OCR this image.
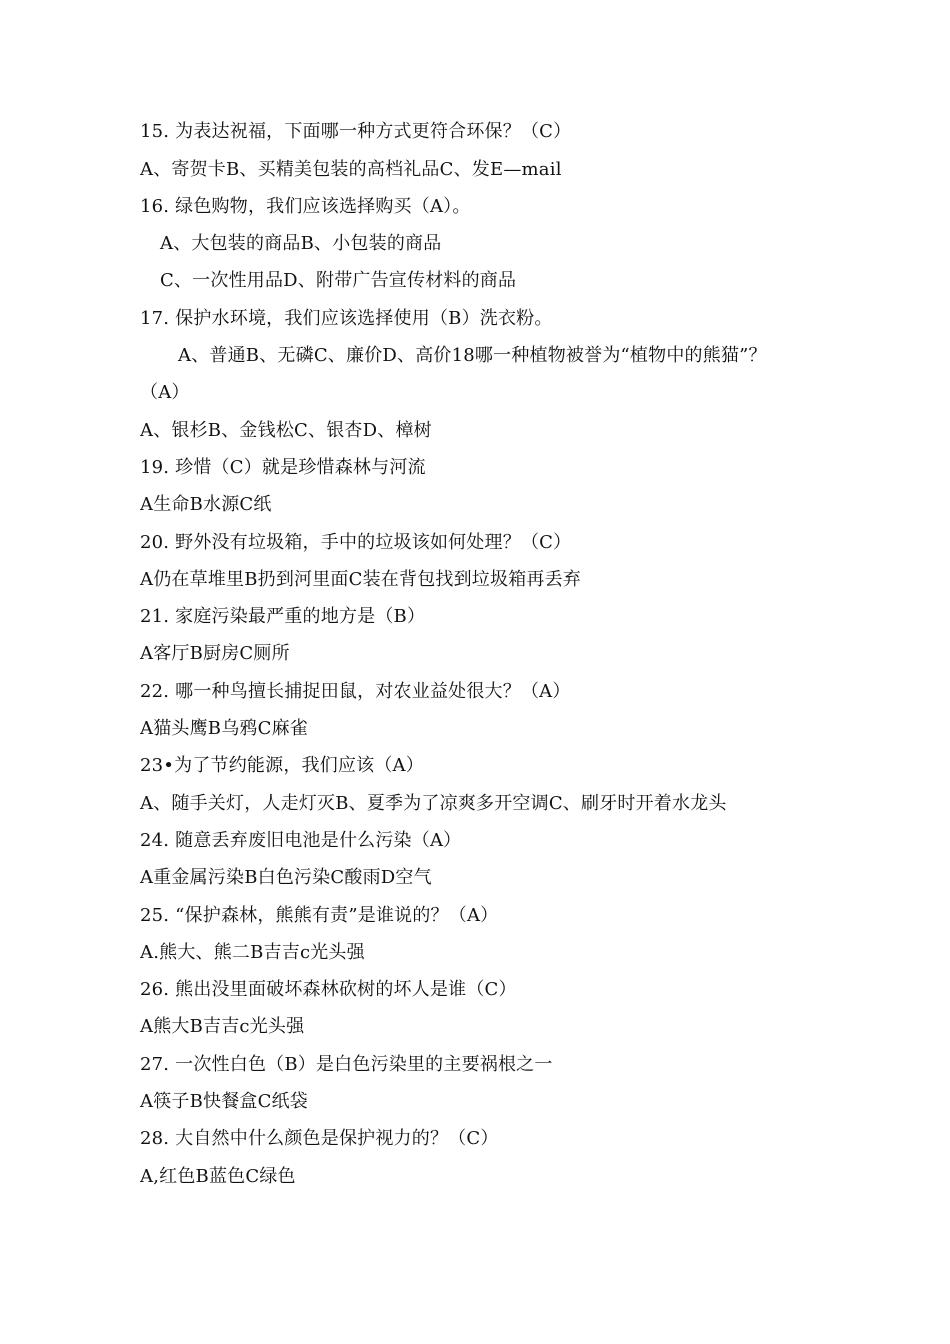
15. 为表达祝福，下面哪一种方式更符合环保？（C）
A、寄贺卡B、买精美包装的高档礼品C、发E—mail
16. 绿色购物，我们应该选择购买（A）。
A、大包装的商品B、小包装的商品
C、一次性用品D、附带广告宣传材料的商品
17. 保护水环境，我们应该选择使用（B）洗衣粉。
A、普通B、无磷C、廉价D、高价18哪一种植物被誉为“植物中的熊猫”？
（A）
A、银杉B、金钱松C、银杏D、樟树
19. 珍惜（C）就是珍惜森林与河流
A生命B水源C纸
20. 野外没有垃圾箱，手中的垃圾该如何处理？（C）
A仍在草堆里B扔到河里面C装在背包找到垃圾箱再丢弃
21. 家庭污染最严重的地方是（B）
A客厅B厨房C厕所
22. 哪一种鸟擅长捕捉田鼠，对农业益处很大？（A）
A猫头鹰B乌鸦C麻雀
23•为了节约能源，我们应该（A）
A、随手关灯，人走灯灭B、夏季为了凉爽多开空调C、刷牙时开着水龙头
24. 随意丢弃废旧电池是什么污染（A）
A重金属污染B白色污染C酸雨D空气
25. “保护森林，熊熊有责”是谁说的？（A）
A.熊大、熊二B吉吉c光头强
26. 熊出没里面破坏森林砍树的坏人是谁（C）
A熊大B吉吉c光头强
27. 一次性白色（B）是白色污染里的主要祸根之一
A筷子B快餐盒C纸袋
28. 大自然中什么颜色是保护视力的？（C）
A,红色B蓝色C绿色
